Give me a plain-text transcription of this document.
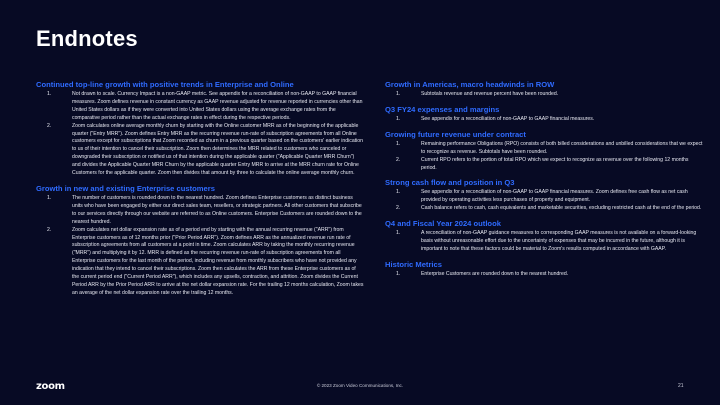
Endnotes
Continued top-line growth with positive trends in Enterprise and Online
1.	Not drawn to scale. Currency Impact is a non-GAAP metric. See appendix for a reconciliation of non-GAAP to GAAP financial measures. Zoom defines revenue in constant currency as GAAP revenue adjusted for revenue reported in currencies other than United States dollars as if they were converted into United States dollars using the average exchange rates from the comparative period rather than the actual exchange rates in effect during the respective periods.
2.	Zoom calculates online average monthly churn by starting with the Online customer MRR as of the beginning of the applicable quarter ("Entry MRR"). Zoom defines Entry MRR as the recurring revenue run-rate of subscription agreements from all Online customers except for subscriptions that Zoom recorded as churn in a previous quarter based on the customers' earlier indication to us of their intention to cancel their subscription. Zoom then determines the MRR related to customers who canceled or downgraded their subscription or notified us of that intention during the applicable quarter ("Applicable Quarter MRR Churn") and divides the Applicable Quarter MRR Churn by the applicable quarter Entry MRR to arrive at the MRR churn rate for Online Customers for the applicable quarter. Zoom then divides that amount by three to calculate the online average monthly churn.
Growth in new and existing Enterprise customers
1.	The number of customers is rounded down to the nearest hundred. Zoom defines Enterprise customers as distinct business units who have been engaged by either our direct sales team, resellers, or strategic partners. All other customers that subscribe to our services directly through our website are referred to as Online customers. Enterprise Customers are rounded down to the nearest hundred.
2.	Zoom calculates net dollar expansion rate as of a period end by starting with the annual recurring revenue ("ARR") from Enterprise customers as of 12 months prior ("Prior Period ARR"). Zoom defines ARR as the annualized revenue run rate of subscription agreements from all customers at a point in time. Zoom calculates ARR by taking the monthly recurring revenue ("MRR") and multiplying it by 12. MRR is defined as the recurring revenue run-rate of subscription agreements from all Enterprise customers for the last month of the period, including revenue from monthly subscribers who have not provided any indication that they intend to cancel their subscriptions. Zoom then calculates the ARR from these Enterprise customers as of the current period end ("Current Period ARR"), which includes any upsells, contraction, and attrition. Zoom divides the Current Period ARR by the Prior Period ARR to arrive at the net dollar expansion rate. For the trailing 12 months calculation, Zoom takes an average of the net dollar expansion rate over the trailing 12 months.
Growth in Americas, macro headwinds in ROW
1.	Subtotals revenue and revenue percent have been rounded.
Q3 FY24 expenses and margins
1.	See appendix for a reconciliation of non-GAAP to GAAP financial measures.
Growing future revenue under contract
1.	Remaining performance Obligations (RPO) consists of both billed considerations and unbilled considerations that we expect to recognize as revenue. Subtotals have been rounded.
2.	Current RPO refers to the portion of total RPO which we expect to recognize as revenue over the following 12 months period.
Strong cash flow and position in Q3
1.	See appendix for a reconciliation of non-GAAP to GAAP financial measures. Zoom defines free cash flow as net cash provided by operating activities less purchases of property and equipment.
2.	Cash balance refers to cash, cash equivalents and marketable securities, excluding restricted cash at the end of the period.
Q4 and Fiscal Year 2024 outlook
1.	A reconciliation of non-GAAP guidance measures to corresponding GAAP measures is not available on a forward-looking basis without unreasonable effort due to the uncertainty of expenses that may be incurred in the future, although it is important to note that these factors could be material to Zoom's results computed in accordance with GAAP.
Historic Metrics
1.	Enterprise Customers are rounded down to the nearest hundred.
zoom	© 2023 Zoom Video Communications, Inc.	21
